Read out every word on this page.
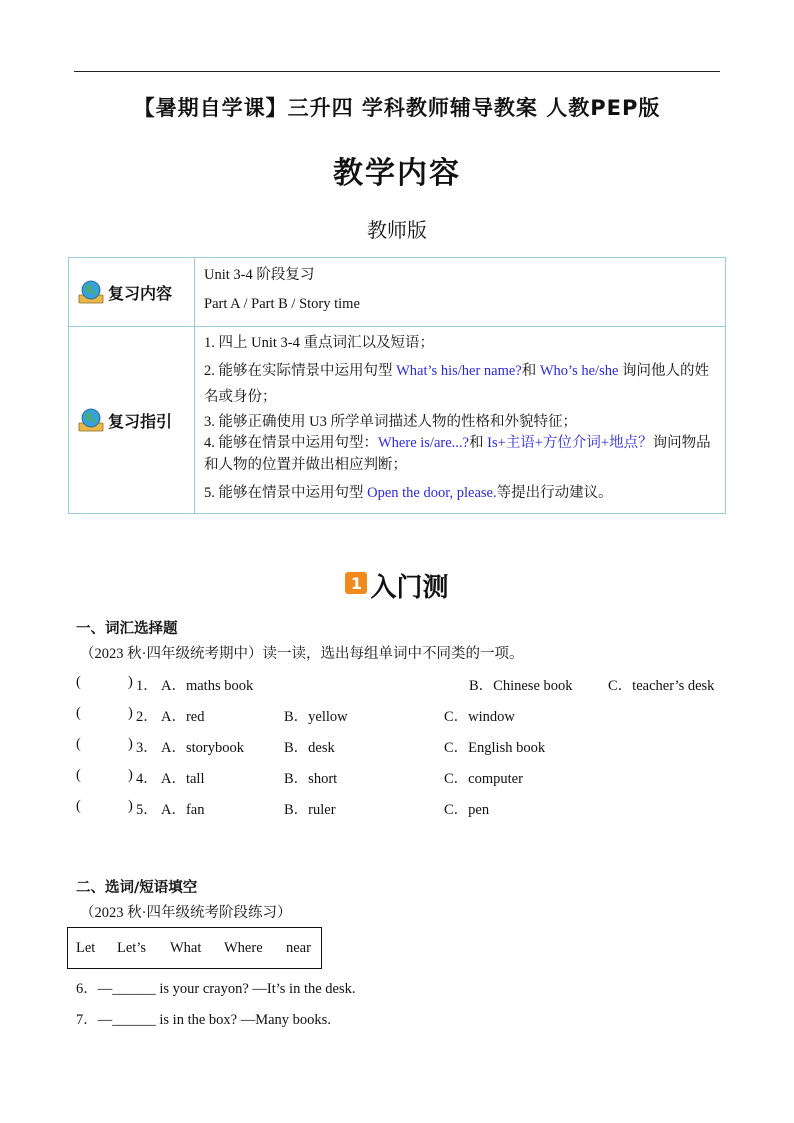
【暑期自学课】三升四 学科教师辅导教案 人教PEP版
教学内容
教师版
复习内容	Unit 3-4 阶段复习
Part A / Part B / Story time

复习指引	1. 四上 Unit 3-4 重点词汇以及短语；
2. 能够在实际情景中运用句型 What’s his/her name?和 Who’s he/she 询问他人的姓名或身份；
3. 能够正确使用 U3 所学单词描述人物的性格和外貌特征；
4. 能够在情景中运用句型：Where is/are...?和 Is+主语+方位介词+地点？询问物品和人物的位置并做出相应判断；
5. 能够在情景中运用句型 Open the door, please.等提出行动建议。
1 入门测
一、词汇选择题
（2023 秋·四年级统考期中）读一读，选出每组单词中不同类的一项。
(	) 1． A．maths book	B．Chinese book C．teacher’s desk
(	) 2． A．red	B．yellow	C．window
(	) 3． A．storybook	B．desk	C．English book
(	) 4． A．tall	B．short	C．computer
(	) 5． A．fan	B．ruler	C．pen
二、选词/短语填空
（2023 秋·四年级统考阶段练习）
Let Let’s What Where near
6．—______ is your crayon? —It’s in the desk.
7．—______ is in the box? —Many books.
